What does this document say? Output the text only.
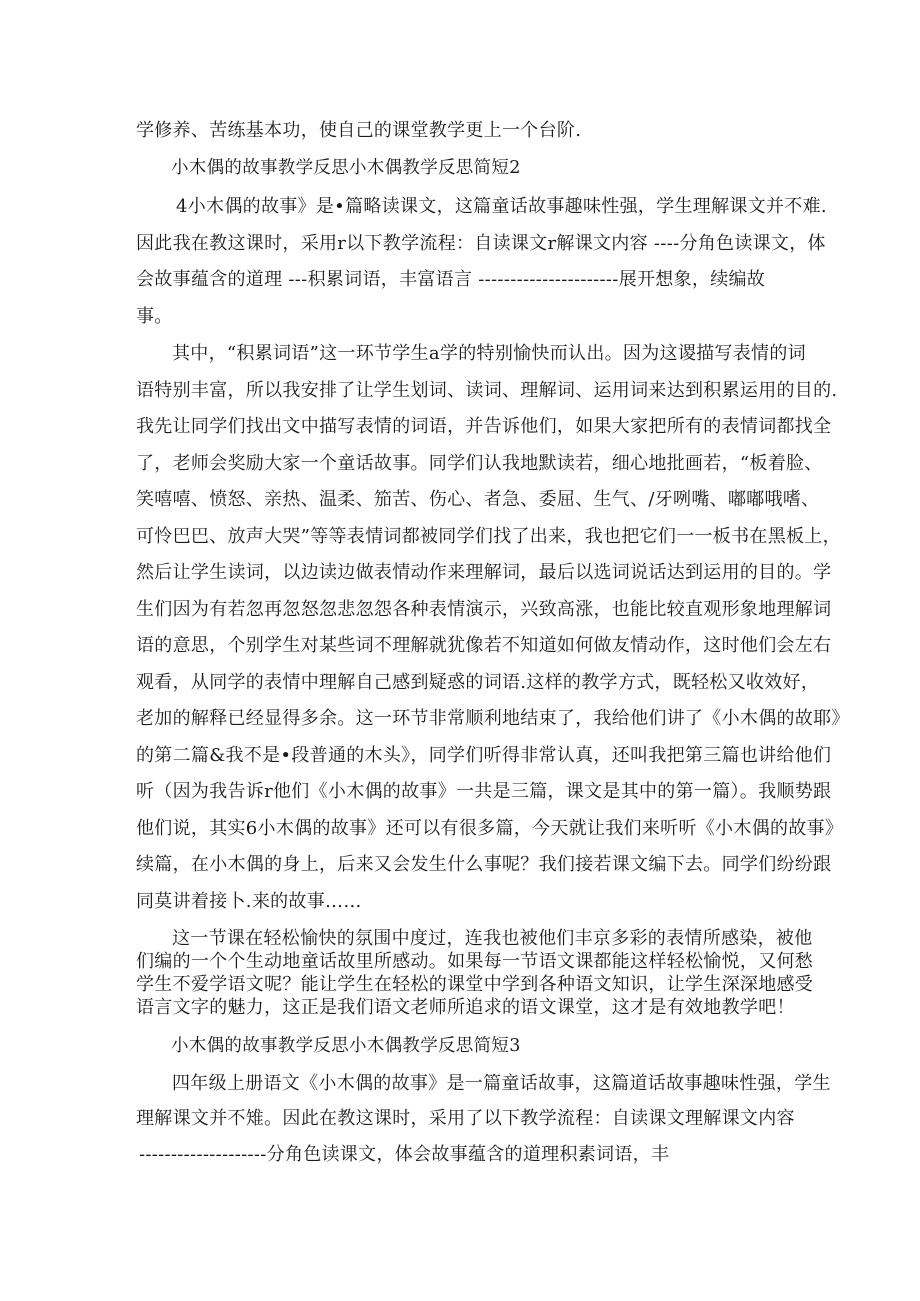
学修养、苦练基本功，使自己的课堂教学更上一个台阶.
小木偶的故事教学反思小木偶教学反思简短2
4小木偶的故事》是•篇略读课文，这篇童话故事趣味性强，学生理解课文并不难.
因此我在教这课时，采用r以下教学流程：自读课文r解课文内容 ----分角色读课文，体
会故事蕴含的道理 ---积累词语，丰富语言 ----------------------展开想象，续编故
事。
其中，“积累词语”这一环节学生a学的特别愉快而认出。因为这谡描写表情的词
语特别丰富，所以我安排了让学生划词、读词、理解词、运用词来达到积累运用的目的.
我先让同学们找出文中描写表情的词语，并告诉他们，如果大家把所有的表情词都找全
了，老师会奖励大家一个童话故事。同学们认我地默读若，细心地批画若，“板着脸、
笑嘻嘻、愤怒、亲热、温柔、笳苦、伤心、者急、委屈、生气、/牙咧嘴、嘟嘟哦嗜、
可怜巴巴、放声大哭”等等表情词都被同学们找了出来，我也把它们一一板书在黑板上，
然后让学生读词，以边读边做表情动作来理解词，最后以选词说话达到运用的目的。学
生们因为有若忽再忽怒忽悲忽怨各种表情演示，兴致高涨，也能比较直观形象地理解词
语的意思，个别学生对某些词不理解就犹像若不知道如何做友情动作，这时他们会左右
观看，从同学的表情中理解自己感到疑惑的词语.这样的教学方式，既轻松又收效好，
老加的解释已经显得多余。这一环节非常顺利地结束了，我给他们讲了《小木偶的故耶》
的第二篇&我不是•段普通的木头》，同学们听得非常认真，还叫我把第三篇也讲给他们
听（因为我告诉r他们《小木偶的故事》一共是三篇，课文是其中的第一篇）。我顺势跟
他们说，其实6小木偶的故事》还可以有很多篇，今天就让我们来听听《小木偶的故事》
续篇，在小木偶的身上，后来又会发生什么事呢？我们接若课文编下去。同学们纷纷跟
同莫讲着接卜.来的故事……
这一节课在轻松愉快的氛围中度过，连我也被他们丰京多彩的表情所感染，被他
们编的一个个生动地童话故里所感动。如果每一节语文课都能这样轻松愉悦，又何愁
学生不爱学语文呢？能让学生在轻松的课堂中学到各种语文知识，让学生深深地感受
语言文字的魅力，这正是我们语文老师所追求的语文课堂，这才是有效地教学吧！
小木偶的故事教学反思小木偶教学反思简短3
四年级上册语文《小木偶的故事》是一篇童话故事，这篇道话故事趣味性强，学生
理解课文并不雉。因此在教这课时，采用了以下教学流程：自读课文理解课文内容
--------------------分角色读课文，体会故事蕴含的道理积素词语，丰
